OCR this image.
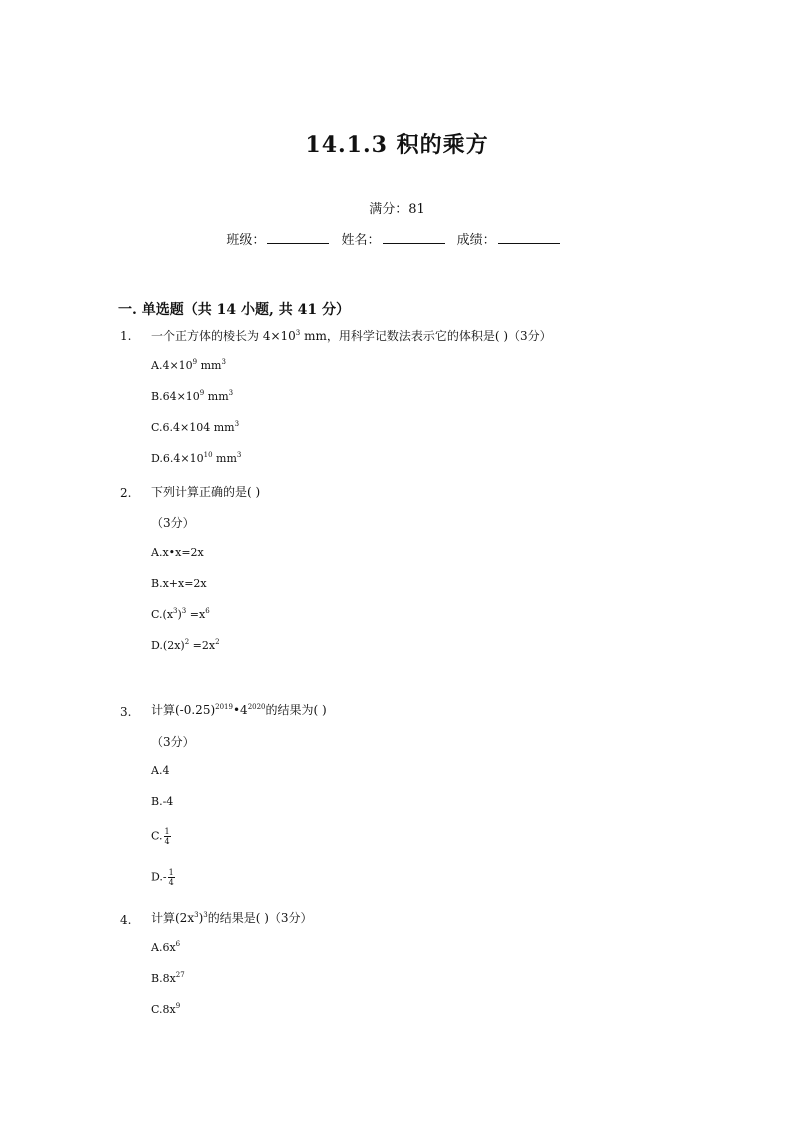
14.1.3 积的乘方
满分：81
班级：	姓名：	成绩：
一. 单选题（共 14 小题, 共 41 分）
1. 一个正方体的棱长为 $4\times 10^3$ mm，用科学记数法表示它的体积是( )（3分）
$A.4\times 10^9$ $mm^3$
$B.64\times 10^9$ $mm^3$
C.6.4×104 $mm^3$
$D.6.4\times 10^{10}$ $mm^3$
2. 下列计算正确的是( )
（3分）
A.x•x=2x
B.x+x=2x
$C.(x^3)^3 =x^6$
$D.(2x)^2 =2x^2$
3. 计算$(-0.25)^{2019}•4^{2020}$的结果为( )
（3分）
A.4
B.-4
C. $\frac{1}{4}$
$D.- \frac{1}{4}$
4. 计算$(2x^3)^3$的结果是( )（3分）
$A.6x^6$
$B.8x^{27}$
$C.8x^9$
